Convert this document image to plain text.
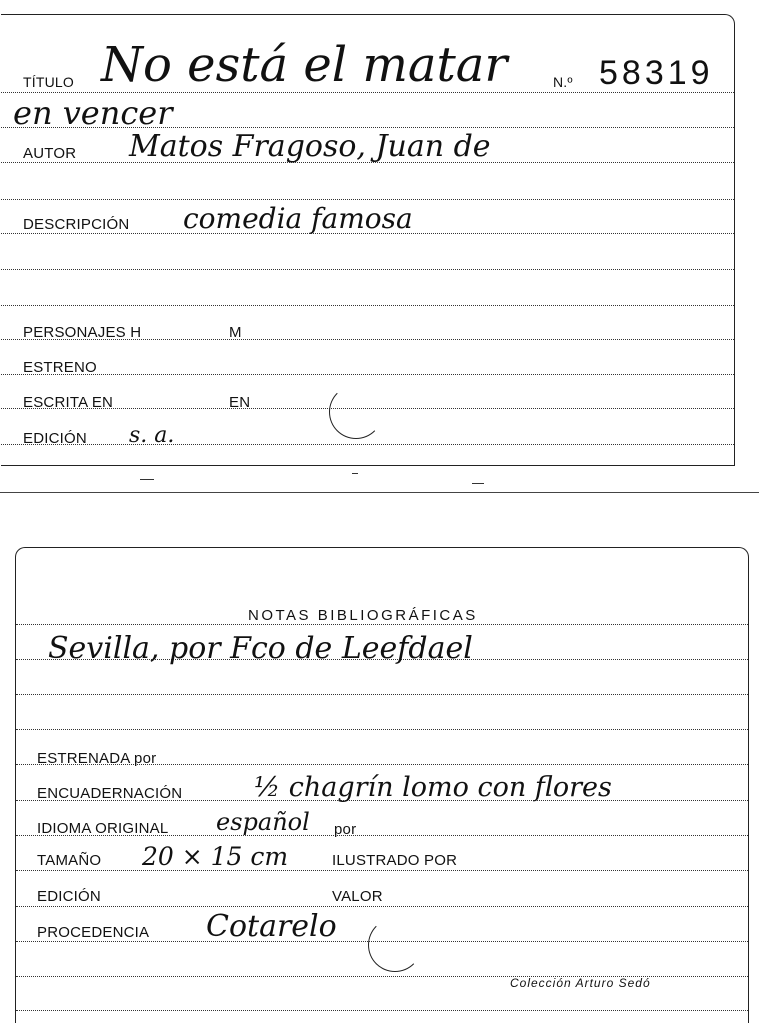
TÍTULO No está el matar	N.º 58319
en vencer
AUTOR Matos Fragoso, Juan de
DESCRIPCIÓN comedia famosa
PERSONAJES H	M
ESTRENO
ESCRITA EN	EN
EDICIÓN s. a.
NOTAS BIBLIOGRÁFICAS
Sevilla, por Fco de Leefdael
ESTRENADA por
ENCUADERNACIÓN	½ chagrín lomo con flores
IDIOMA ORIGINAL español por
TAMAÑO 20 × 15 cm	ILUSTRADO POR
EDICIÓN	VALOR
PROCEDENCIA Cotarelo
Colección Arturo Sedó
